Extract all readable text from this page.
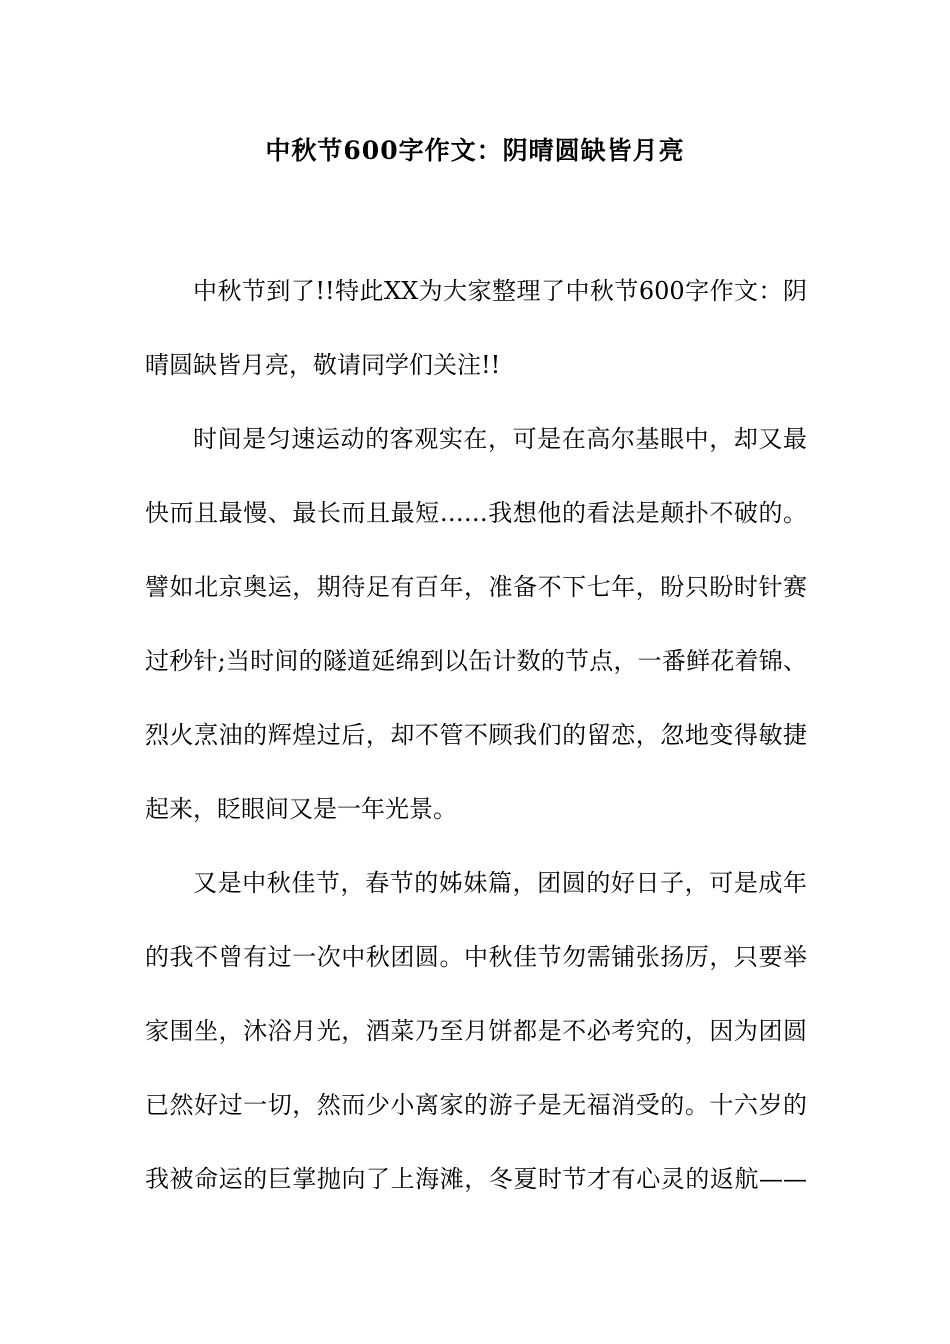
中秋节600字作文：阴晴圆缺皆月亮
中秋节到了!!特此XX为大家整理了中秋节600字作文：阴
晴圆缺皆月亮，敬请同学们关注!!
时间是匀速运动的客观实在，可是在高尔基眼中，却又最
快而且最慢、最长而且最短……我想他的看法是颠扑不破的。
譬如北京奥运，期待足有百年，准备不下七年，盼只盼时针赛
过秒针;当时间的隧道延绵到以缶计数的节点，一番鲜花着锦、
烈火烹油的辉煌过后，却不管不顾我们的留恋，忽地变得敏捷
起来，眨眼间又是一年光景。
又是中秋佳节，春节的姊妹篇，团圆的好日子，可是成年
的我不曾有过一次中秋团圆。中秋佳节勿需铺张扬厉，只要举
家围坐，沐浴月光，酒菜乃至月饼都是不必考究的，因为团圆
已然好过一切，然而少小离家的游子是无福消受的。十六岁的
我被命运的巨掌抛向了上海滩，冬夏时节才有心灵的返航——
